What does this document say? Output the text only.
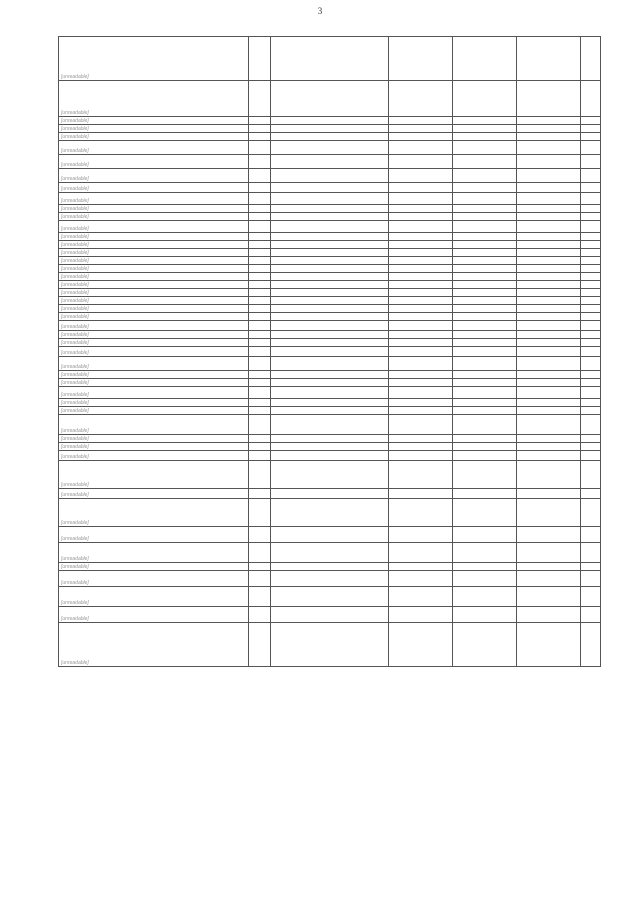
3
[unreadable]						
[unreadable]						
[unreadable]						
[unreadable]						
[unreadable]						
[unreadable]						
[unreadable]						
[unreadable]						
[unreadable]						
[unreadable]						
[unreadable]						
[unreadable]						
[unreadable]						
[unreadable]						
[unreadable]						
[unreadable]						
[unreadable]						
[unreadable]						
[unreadable]						
[unreadable]						
[unreadable]						
[unreadable]						
[unreadable]						
[unreadable]						
[unreadable]						
[unreadable]						
[unreadable]						
[unreadable]						
[unreadable]						
[unreadable]						
[unreadable]						
[unreadable]						
[unreadable]						
[unreadable]						
[unreadable]						
[unreadable]						
[unreadable]						
[unreadable]						
[unreadable]						
[unreadable]						
[unreadable]						
[unreadable]						
[unreadable]						
[unreadable]						
[unreadable]						
[unreadable]						
[unreadable]						
[unreadable]						
